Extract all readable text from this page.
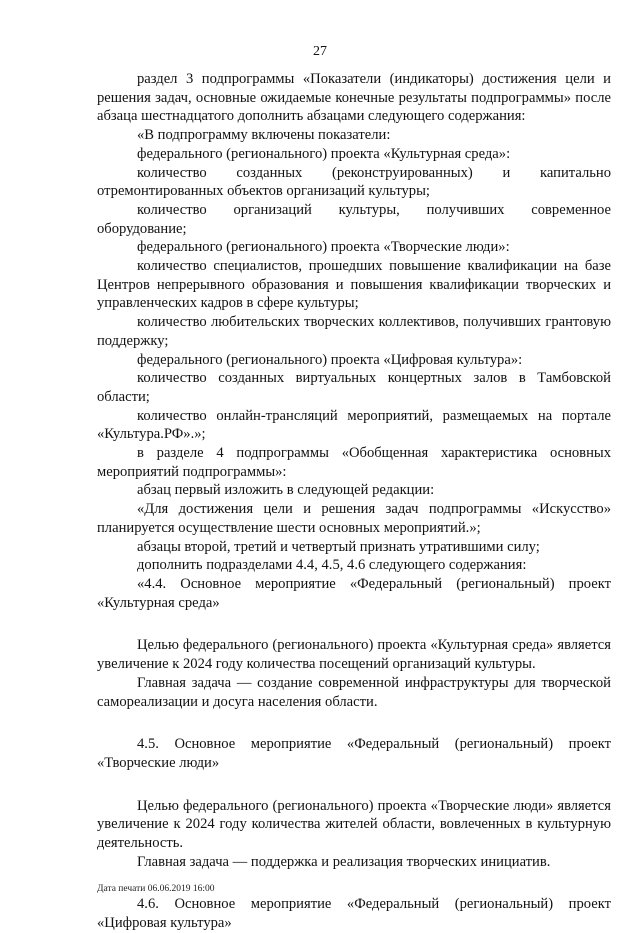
27

раздел 3 подпрограммы «Показатели (индикаторы) достижения цели и решения задач, основные ожидаемые конечные результаты подпрограммы» после абзаца шестнадцатого дополнить абзацами следующего содержания:

«В подпрограмму включены показатели:

федерального (регионального) проекта «Культурная среда»:

количество созданных (реконструированных) и капитально отремонтированных объектов организаций культуры;

количество организаций культуры, получивших современное оборудование;

федерального (регионального) проекта «Творческие люди»:

количество специалистов, прошедших повышение квалификации на базе Центров непрерывного образования и повышения квалификации творческих и управленческих кадров в сфере культуры;

количество любительских творческих коллективов, получивших грантовую поддержку;

федерального (регионального) проекта «Цифровая культура»:

количество созданных виртуальных концертных залов в Тамбовской области;

количество онлайн-трансляций мероприятий, размещаемых на портале «Культура.РФ».»;

в разделе 4 подпрограммы «Обобщенная характеристика основных мероприятий подпрограммы»:

абзац первый изложить в следующей редакции:

«Для достижения цели и решения задач подпрограммы «Искусство» планируется осуществление шести основных мероприятий.»;

абзацы второй, третий и четвертый признать утратившими силу;

дополнить подразделами 4.4, 4.5, 4.6 следующего содержания:

«4.4. Основное мероприятие «Федеральный (региональный) проект «Культурная среда»

Целью федерального (регионального) проекта «Культурная среда» является увеличение к 2024 году количества посещений организаций культуры.

Главная задача — создание современной инфраструктуры для творческой самореализации и досуга населения области.

4.5. Основное мероприятие «Федеральный (региональный) проект «Творческие люди»

Целью федерального (регионального) проекта «Творческие люди» является увеличение к 2024 году количества жителей области, вовлеченных в культурную деятельность.

Главная задача — поддержка и реализация творческих инициатив.

4.6. Основное мероприятие «Федеральный (региональный) проект «Цифровая культура»

Дата печати 06.06.2019 16:00
